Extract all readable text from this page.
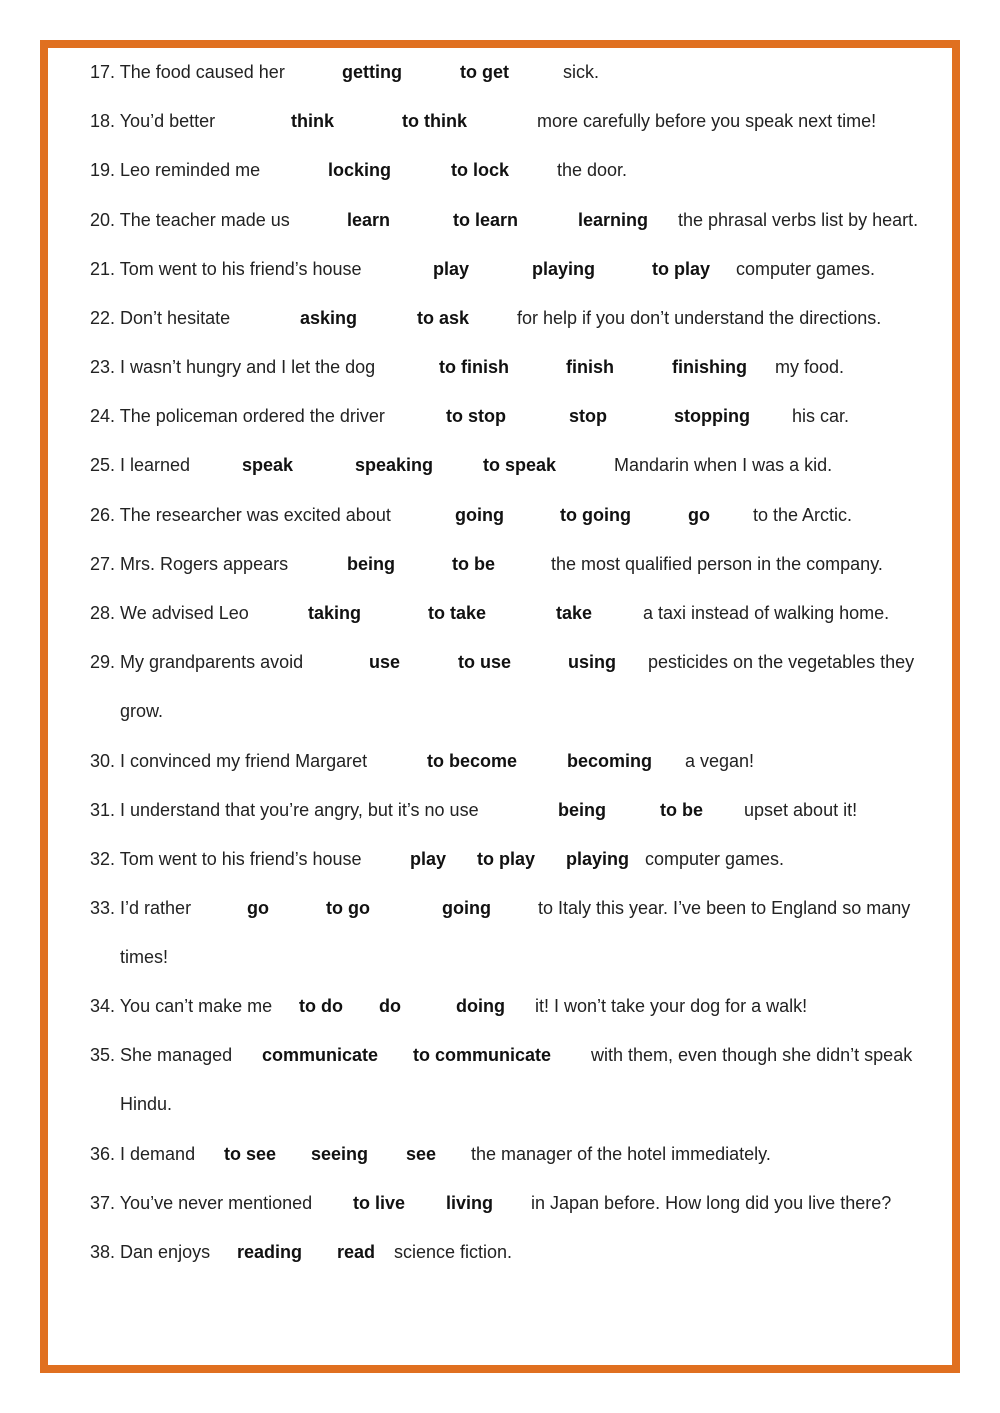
17. The food caused her	getting	to get	sick.
18. You’d better	think	to think	more carefully before you speak next time!
19. Leo reminded me	locking	to lock	the door.
20. The teacher made us	learn	to learn	learning the phrasal verbs list by heart.
21. Tom went to his friend’s house	play	playing	to play computer games.
22. Don’t hesitate	asking	to ask	for help if you don’t understand the directions.
23. I wasn’t hungry and I let the dog	to finish	finish	finishing my food.
24. The policeman ordered the driver	to stop	stop	stopping his car.
25. I learned	speak	speaking	to speak	Mandarin when I was a kid.
26. The researcher was excited about	going	to going	go to the Arctic.
27. Mrs. Rogers appears	being	to be	the most qualified person in the company.
28. We advised Leo	taking	to take	take	a taxi instead of walking home.
29. My grandparents avoid	use	to use	using pesticides on the vegetables they
grow.
30. I convinced my friend Margaret	to become	becoming a vegan!
31. I understand that you’re angry, but it’s no use	being	to be upset about it!
32. Tom went to his friend’s house	play to play playing computer games.
33. I’d rather	go	to go	going	to Italy this year. I’ve been to England so many
times!
34. You can’t make me to do do	doing it! I won’t take your dog for a walk!
35. She managed communicate to communicate with them, even though she didn’t speak
Hindu.
36. I demand to see seeing see the manager of the hotel immediately.
37. You’ve never mentioned to live living in Japan before. How long did you live there?
38. Dan enjoys reading read science fiction.
